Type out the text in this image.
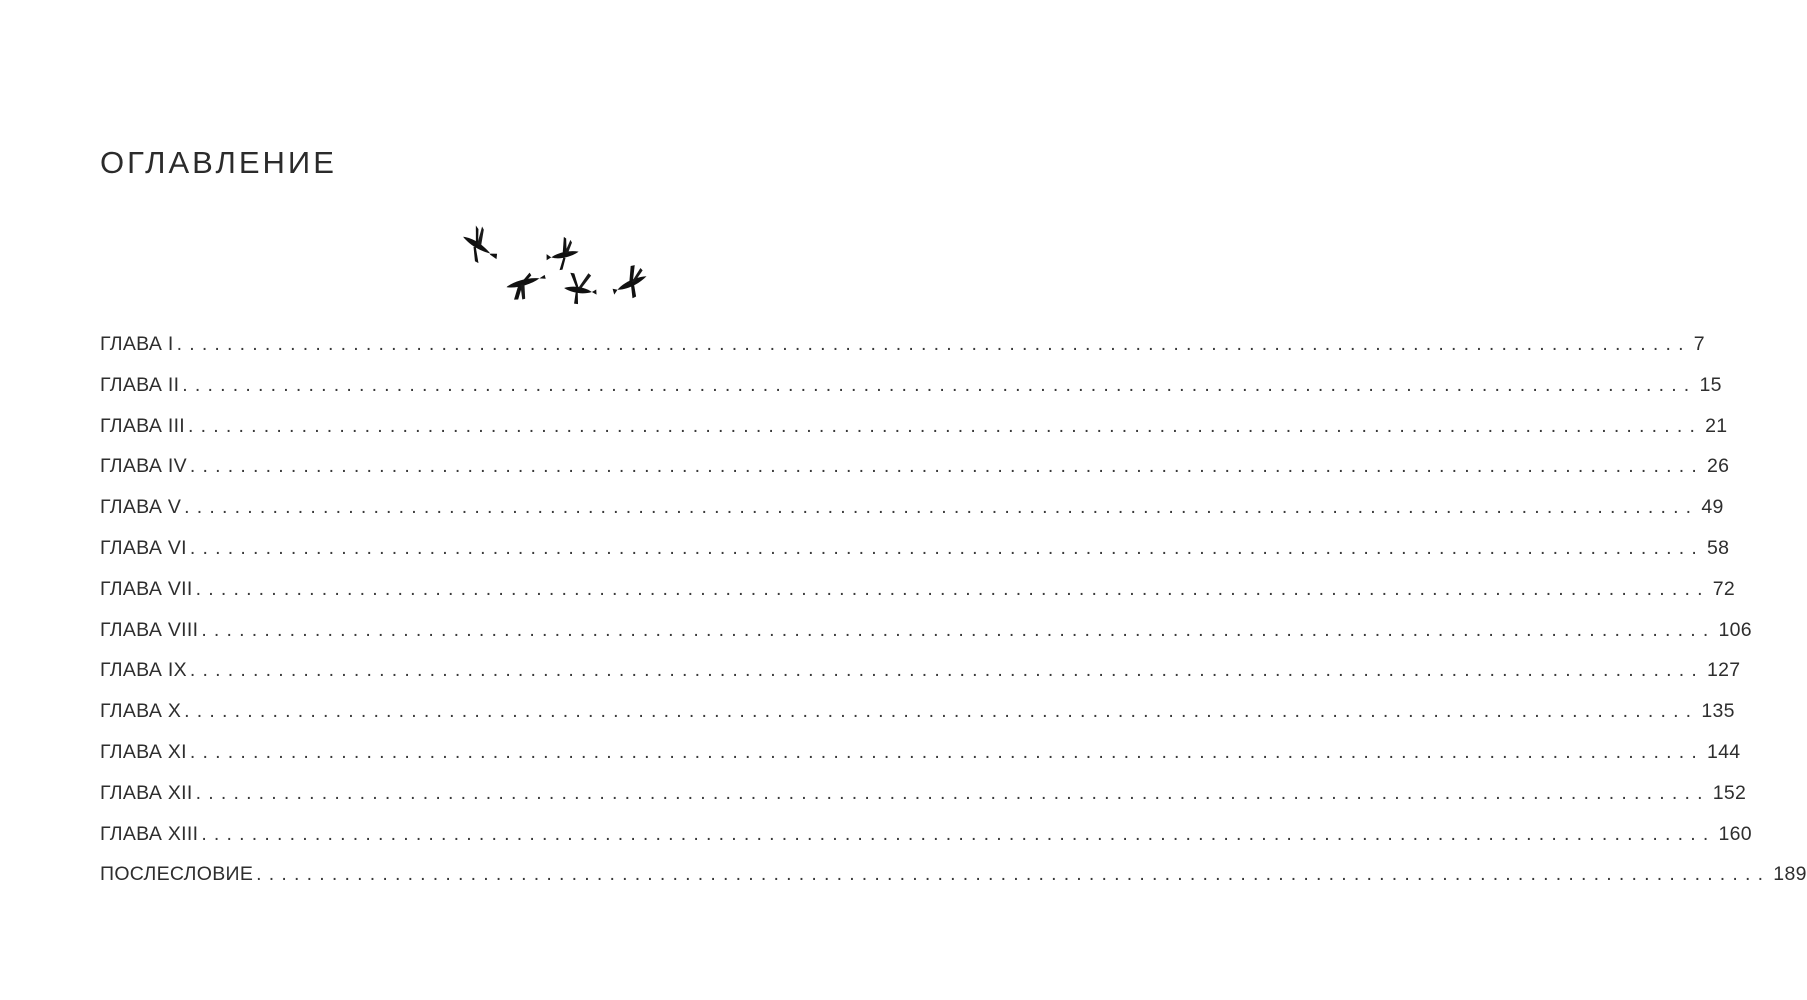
ОГЛАВЛЕНИЕ
ГЛАВА I ........................................................................................................................ 7
ГЛАВА II ........................................................................................................................ 15
ГЛАВА III ........................................................................................................................ 21
ГЛАВА IV ........................................................................................................................ 26
ГЛАВА V ........................................................................................................................ 49
ГЛАВА VI ........................................................................................................................ 58
ГЛАВА VII ........................................................................................................................ 72
ГЛАВА VIII ........................................................................................................................ 106
ГЛАВА IX ........................................................................................................................ 127
ГЛАВА X ........................................................................................................................ 135
ГЛАВА XI ........................................................................................................................ 144
ГЛАВА XII ........................................................................................................................ 152
ГЛАВА XIII ........................................................................................................................ 160
ПОСЛЕСЛОВИЕ ........................................................................................................................ 189
